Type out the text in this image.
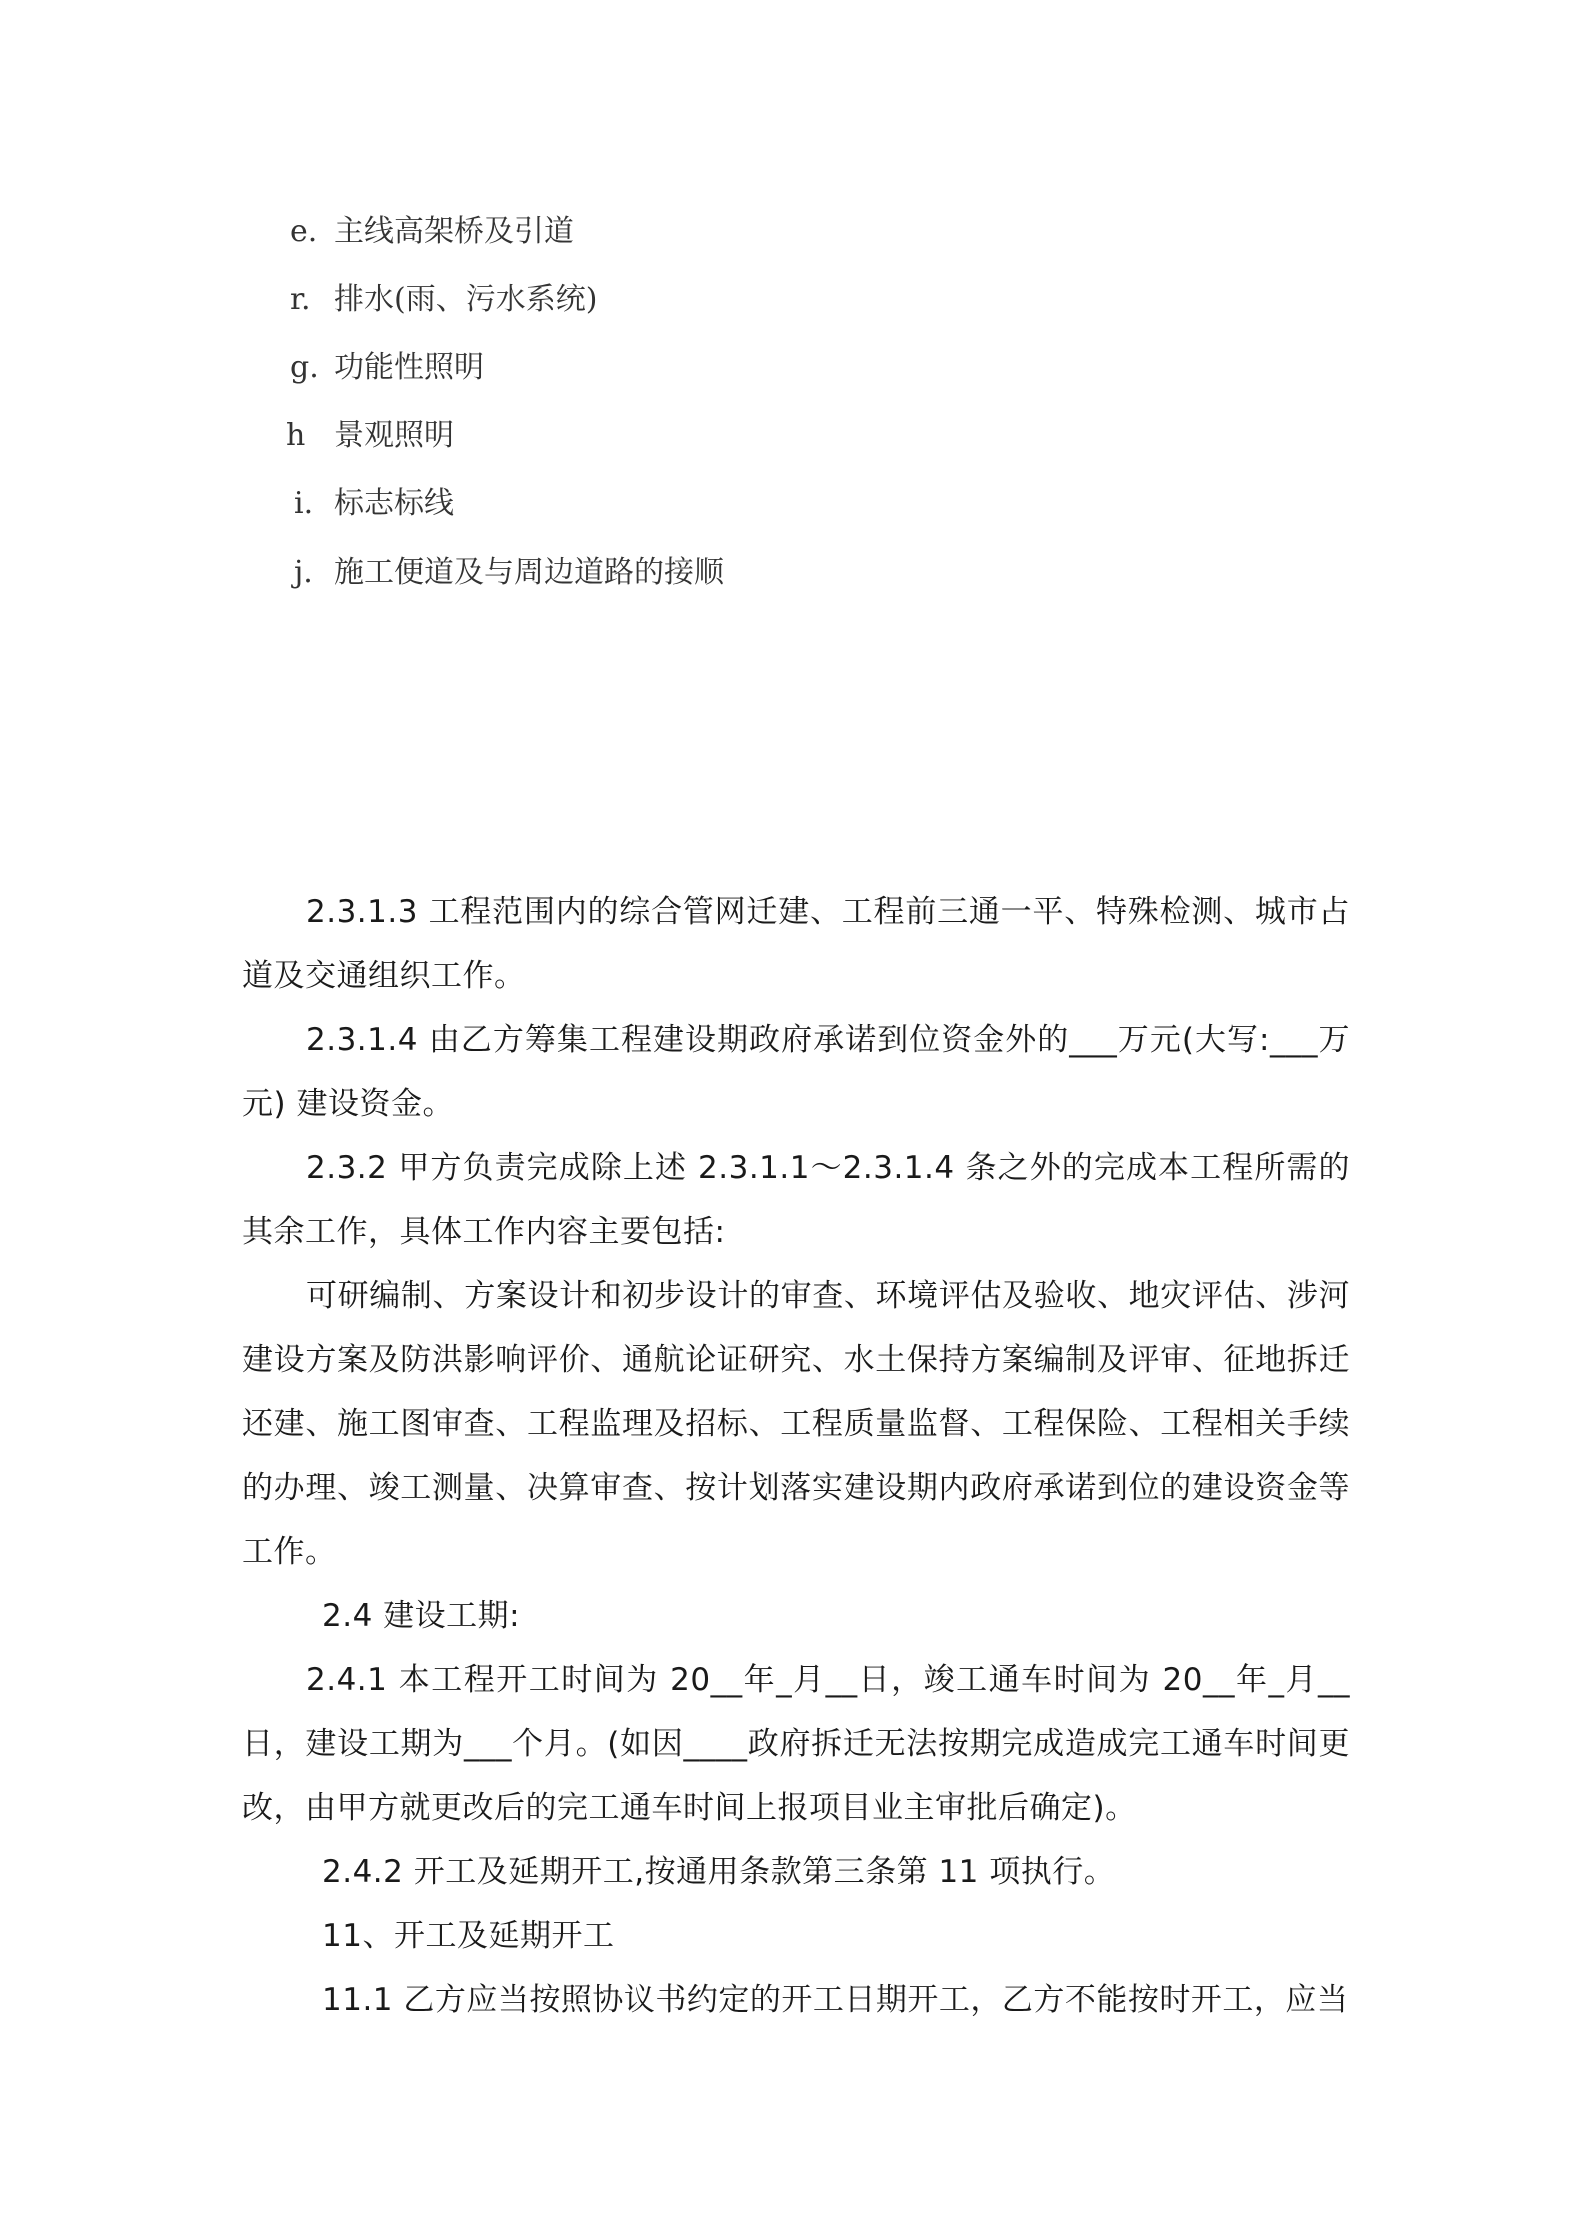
e. 主线高架桥及引道
r. 排水(雨、污水系统)
g. 功能性照明
h 景观照明
i. 标志标线
j. 施工便道及与周边道路的接顺

2.3.1.3 工程范围内的综合管网迁建、工程前三通一平、特殊检测、城市占道及交通组织工作。

2.3.1.4 由乙方筹集工程建设期政府承诺到位资金外的___万元(大写:___万元) 建设资金。

2.3.2 甲方负责完成除上述 2.3.1.1～2.3.1.4 条之外的完成本工程所需的其余工作，具体工作内容主要包括:

可研编制、方案设计和初步设计的审查、环境评估及验收、地灾评估、涉河建设方案及防洪影响评价、通航论证研究、水土保持方案编制及评审、征地拆迁还建、施工图审查、工程监理及招标、工程质量监督、工程保险、工程相关手续的办理、竣工测量、决算审查、按计划落实建设期内政府承诺到位的建设资金等工作。

2.4 建设工期:

2.4.1 本工程开工时间为 20__年_月__日，竣工通车时间为 20__年_月__日，建设工期为___个月。(如因____政府拆迁无法按期完成造成完工通车时间更改，由甲方就更改后的完工通车时间上报项目业主审批后确定)。

2.4.2 开工及延期开工,按通用条款第三条第 11 项执行。

11、开工及延期开工

11.1 乙方应当按照协议书约定的开工日期开工，乙方不能按时开工，应当
